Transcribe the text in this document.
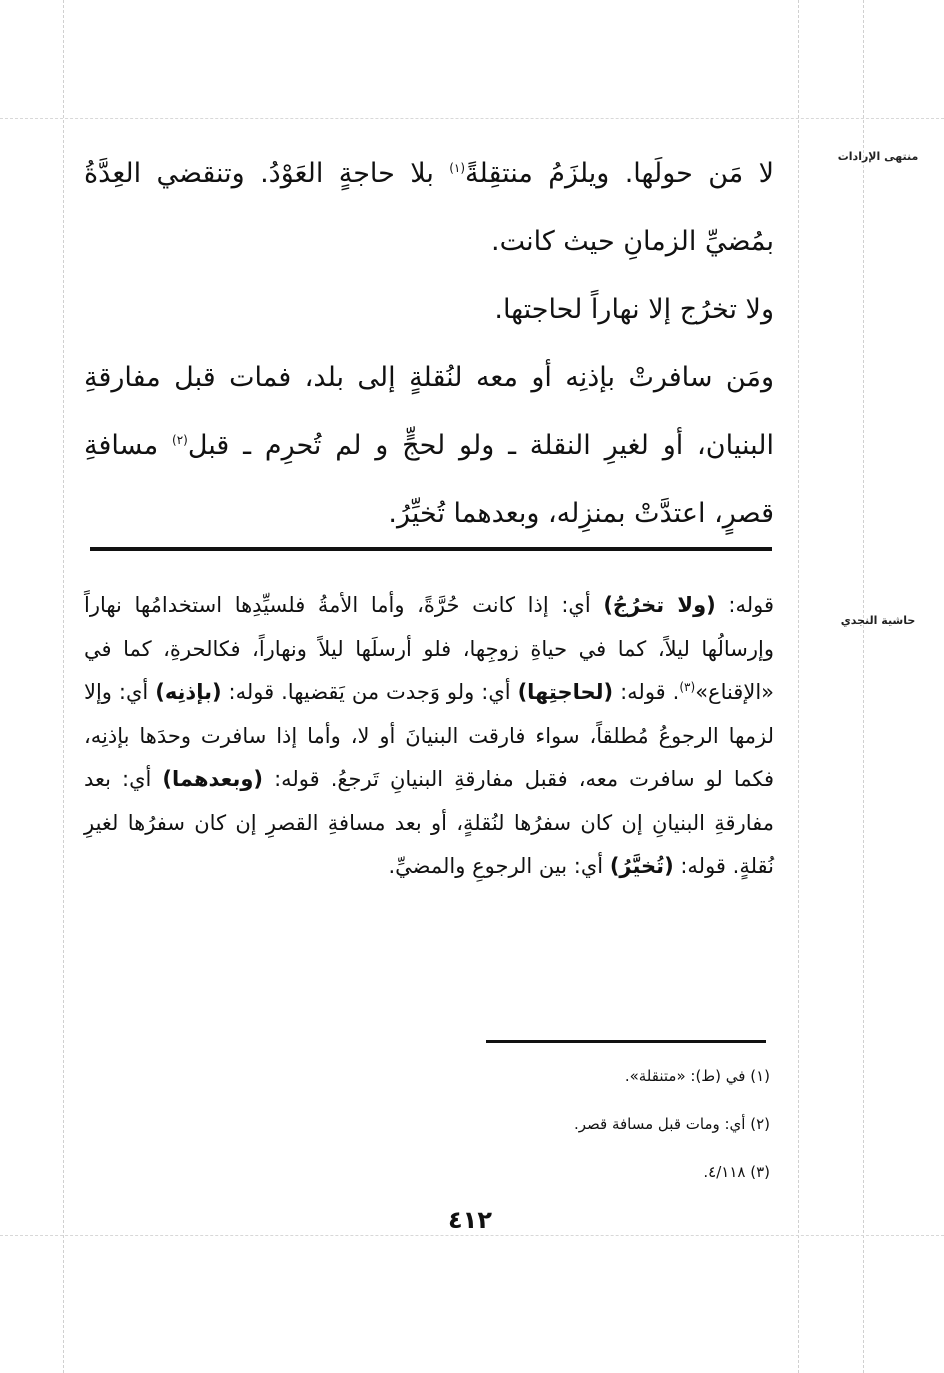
منتهى الإرادات
حاشية النجدي

لا مَن حولَها. ويلزَمُ منتقِلةً$^{(١)}$ بلا حاجةٍ العَوْدُ. وتنقضي العِدَّةُ بمُضيِّ الزمانِ حيث كانت.

ولا تخرُج إلا نهاراً لحاجتها.

ومَن سافرتْ بإذنِه أو معه لنُقلةٍ إلى بلد، فمات قبل مفارقةِ البنيان، أو لغيرِ النقلة ـ ولو لحجٍّ و لم تُحرِم ـ قبل$^{(٢)}$ مسافةِ قصرٍ، اعتدَّتْ بمنزِله، وبعدهما تُخيِّرُ.

قوله: (ولا تخرُجُ) أي: إذا كانت حُرَّةً، وأما الأمةُ فلسيِّدِها استخدامُها نهاراً وإرسالُها ليلاً، كما في حياةِ زوجِها، فلو أرسلَها ليلاً ونهاراً، فكالحرةِ، كما في «الإقناع»$^{(٣)}$. قوله: (لحاجتِها) أي: ولو وَجدت من يَقضيها. قوله: (بإذنِه) أي: وإلا لزمها الرجوعُ مُطلقاً، سواء فارقت البنيانَ أو لا، وأما إذا سافرت وحدَها بإذنِه، فكما لو سافرت معه، فقبل مفارقةِ البنيانِ تَرجعُ. قوله: (وبعدهما) أي: بعد مفارقةِ البنيانِ إن كان سفرُها لنُقلةٍ، أو بعد مسافةِ القصرِ إن كان سفرُها لغيرِ نُقلةٍ. قوله: (تُخيَّرُ) أي: بين الرجوعِ والمضيِّ.

(١) في (ط): «متنقلة».
(٢) أي: ومات قبل مسافة قصر.
(٣) ٤/١١٨.
٤١٢
